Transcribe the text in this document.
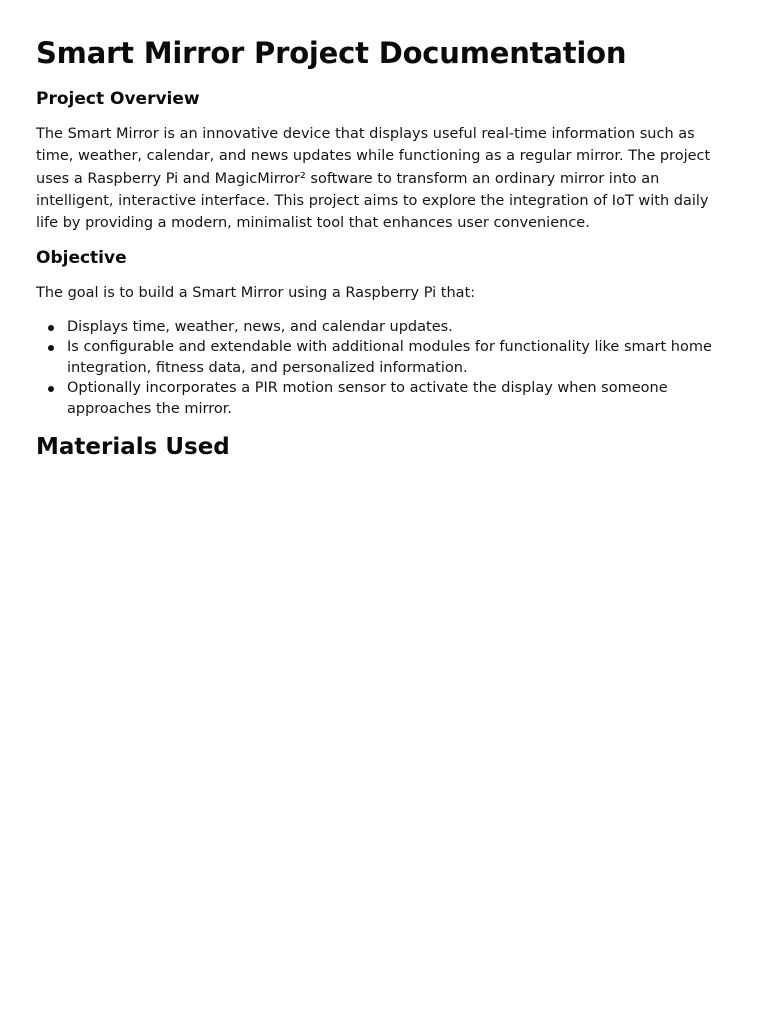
Smart Mirror Project Documentation
Project Overview

The Smart Mirror is an innovative device that displays useful real-time information such as time, weather, calendar, and news updates while functioning as a regular mirror. The project uses a Raspberry Pi and MagicMirror² software to transform an ordinary mirror into an intelligent, interactive interface. This project aims to explore the integration of IoT with daily life by providing a modern, minimalist tool that enhances user convenience.

Objective

The goal is to build a Smart Mirror using a Raspberry Pi that:

Displays time, weather, news, and calendar updates.
Is configurable and extendable with additional modules for functionality like smart home integration, fitness data, and personalized information.
Optionally incorporates a PIR motion sensor to activate the display when someone approaches the mirror.
Materials Used
